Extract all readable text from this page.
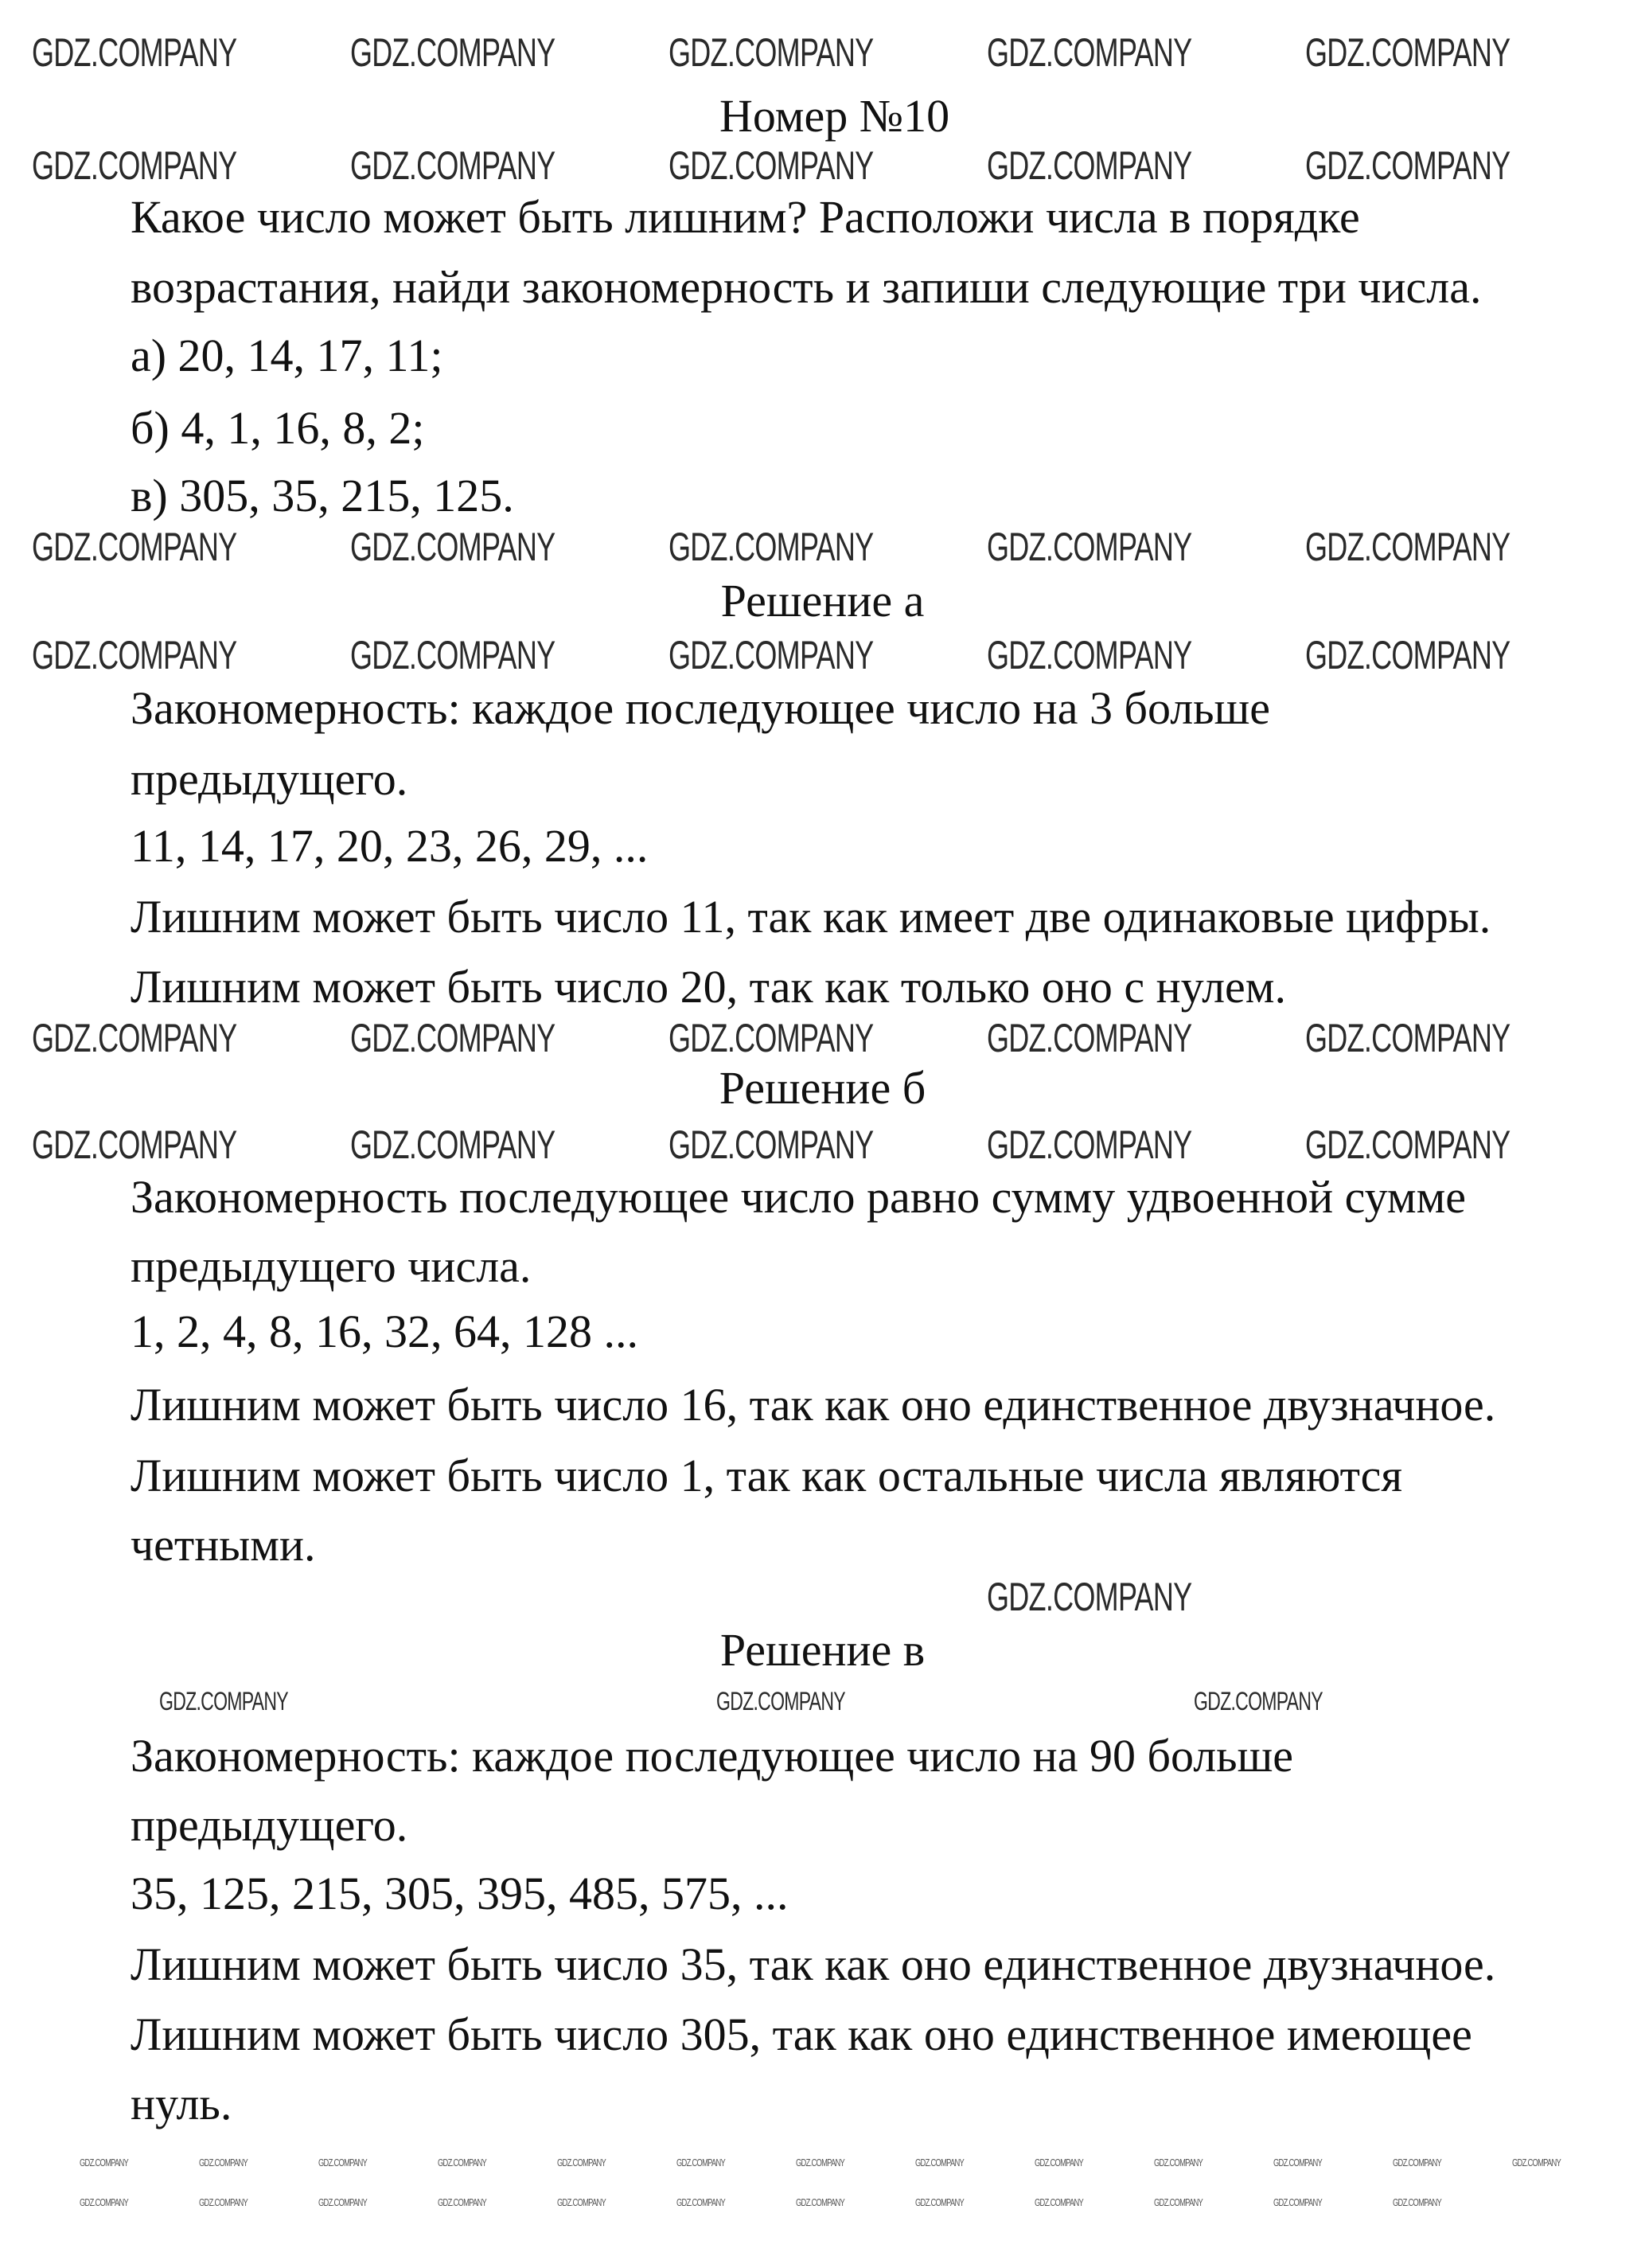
Номер №10
Какое число может быть лишним? Расположи числа в порядке
возрастания, найди закономерность и запиши следующие три числа.
а) 20, 14, 17, 11;
б) 4, 1, 16, 8, 2;
в) 305, 35, 215, 125.
Решение а
Закономерность: каждое последующее число на 3 больше
предыдущего.
11, 14, 17, 20, 23, 26, 29, ...
Лишним может быть число 11, так как имеет две одинаковые цифры.
Лишним может быть число 20, так как только оно с нулем.
Решение б
Закономерность последующее число равно сумму удвоенной сумме
предыдущего числа.
1, 2, 4, 8, 16, 32, 64, 128 ...
Лишним может быть число 16, так как оно единственное двузначное.
Лишним может быть число 1, так как остальные числа являются
четными.
Решение в
Закономерность: каждое последующее число на 90 больше
предыдущего.
35, 125, 215, 305, 395, 485, 575, ...
Лишним может быть число 35, так как оно единственное двузначное.
Лишним может быть число 305, так как оно единственное имеющее
нуль.
GDZ.COMPANY	GDZ.COMPANY	GDZ.COMPANY	GDZ.COMPANY	GDZ.COMPANY
GDZ.COMPANY	GDZ.COMPANY	GDZ.COMPANY	GDZ.COMPANY	GDZ.COMPANY
GDZ.COMPANY	GDZ.COMPANY	GDZ.COMPANY	GDZ.COMPANY	GDZ.COMPANY
GDZ.COMPANY	GDZ.COMPANY	GDZ.COMPANY	GDZ.COMPANY	GDZ.COMPANY
GDZ.COMPANY	GDZ.COMPANY	GDZ.COMPANY	GDZ.COMPANY	GDZ.COMPANY
GDZ.COMPANY	GDZ.COMPANY	GDZ.COMPANY	GDZ.COMPANY	GDZ.COMPANY
GDZ.COMPANY
GDZ.COMPANY	GDZ.COMPANY	GDZ.COMPANY
GDZ.COMPANY	GDZ.COMPANY	GDZ.COMPANY	GDZ.COMPANY	GDZ.COMPANY	GDZ.COMPANY	GDZ.COMPANY	GDZ.COMPANY	GDZ.COMPANY	GDZ.COMPANY	GDZ.COMPANY	GDZ.COMPANY	GDZ.COMPANY
GDZ.COMPANY	GDZ.COMPANY	GDZ.COMPANY	GDZ.COMPANY	GDZ.COMPANY	GDZ.COMPANY	GDZ.COMPANY	GDZ.COMPANY	GDZ.COMPANY	GDZ.COMPANY	GDZ.COMPANY	GDZ.COMPANY
